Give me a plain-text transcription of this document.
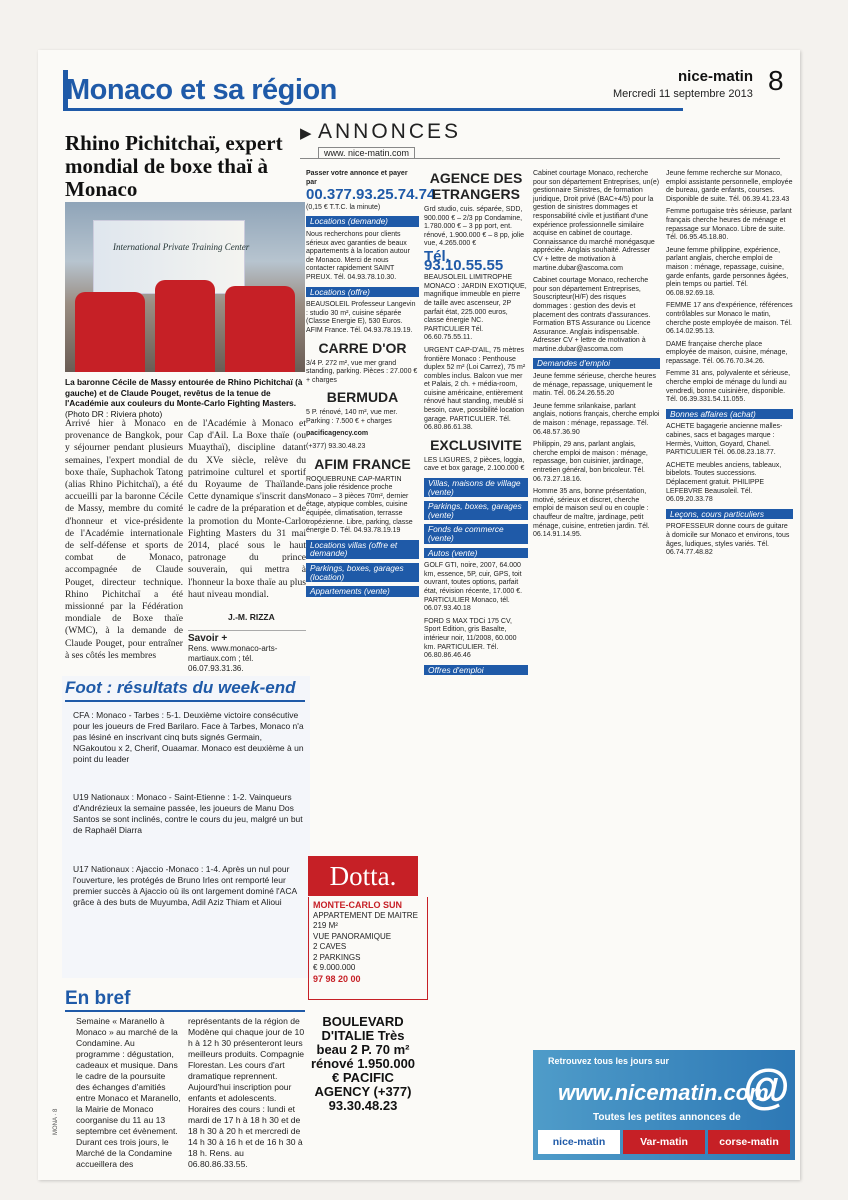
Monaco et sa région	nice-matin
Mercredi 11 septembre 2013 8
Rhino Pichitchaï, expert mondial de boxe thaï à Monaco
International Private Training Center
La baronne Cécile de Massy entourée de Rhino Pichitchaï (à gauche) et de Claude Pouget, revêtus de la tenue de l'Académie aux couleurs du Monte-Carlo Fighting Masters. (Photo DR : Riviera photo)
Arrivé hier à Monaco en provenance de Bangkok, pour y séjourner pendant plusieurs semaines, l'expert mondial de boxe thaïe, Suphachok Tatong (alias Rhino Pichitchaï), a été accueilli par la baronne Cécile de Massy, membre du comité d'honneur et vice-présidente de l'Académie internationale de self-défense et sports de combat de Monaco, accompagnée de Claude Pouget, directeur technique. Rhino Pichitchaï a été missionné par la Fédération mondiale de Boxe thaïe (WMC), à la demande de Claude Pouget, pour entraîner à ses côtés les membres
de l'Académie à Monaco et Cap d'Ail. La Boxe thaïe (ou Muaythaï), discipline datant du XVe siècle, relève du patrimoine culturel et sportif du Royaume de Thaïlande. Cette dynamique s'inscrit dans le cadre de la préparation et de la promotion du Monte-Carlo Fighting Masters du 31 mai 2014, placé sous le haut patronage du prince souverain, qui mettra à l'honneur la boxe thaïe au plus haut niveau mondial.
J.-M. RIZZA
Savoir +
Rens. www.monaco-arts-martiaux.com ; tél. 06.07.93.31.36.
Foot : résultats du week-end
CFA : Monaco - Tarbes : 5-1. Deuxième victoire consécutive pour les joueurs de Fred Barilaro. Face à Tarbes, Monaco n'a pas lésiné en inscrivant cinq buts signés Germain, NGakoutou x 2, Cherif, Ouaamar. Monaco est deuxième à un point du leader
U19 Nationaux : Monaco - Saint-Etienne : 1-2. Vainqueurs d'Andrézieux la semaine passée, les joueurs de Manu Dos Santos se sont inclinés, contre le cours du jeu, malgré un but de Raphaël Diarra
U17 Nationaux : Ajaccio -Monaco : 1-4. Après un nul pour l'ouverture, les protégés de Bruno Irles ont remporté leur premier succès à Ajaccio où ils ont largement dominé l'ACA grâce à des buts de Muyumba, Adil Aziz Thiam et Alioui
En bref
Semaine « Maranello à Monaco » au marché de la Condamine. Au programme : dégustation, cadeaux et musique. Dans le cadre de la poursuite des échanges d'amitiés entre Monaco et Maranello, la Mairie de Monaco coorganise du 11 au 13 septembre cet évènement. Durant ces trois jours, le Marché de la Condamine accueillera des
représentants de la région de Modène qui chaque jour de 10 h à 12 h 30 présenteront leurs meilleurs produits. Compagnie Florestan. Les cours d'art dramatique reprennent. Aujourd'hui inscription pour enfants et adolescents. Horaires des cours : lundi et mardi de 17 h à 18 h 30 et de 18 h 30 à 20 h et mercredi de 14 h 30 à 16 h et de 16 h 30 à 18 h. Rens. au 06.80.86.33.55.
MONA · 8
▶ ANNONCES
www. nice-matin.com

Passer votre annonce et payer par

00.377.93.25.74.74

(0,15 € T.T.C. la minute)

Locations (demande)

Nous recherchons pour clients sérieux avec garanties de beaux appartements à la location autour de Monaco. Merci de nous contacter rapidement SAINT PREUX. Tél. 04.93.78.10.30.

Locations (offre)

BEAUSOLEIL Professeur Langevin : studio 30 m², cuisine séparée (Classe Energie E), 530 Euros. AFIM France. Tél. 04.93.78.19.19.

CARRE D'OR

3/4 P. 272 m², vue mer grand standing, parking. Pièces : 27.000 € + charges

BERMUDA

5 P. rénové, 140 m², vue mer. Parking : 7.500 € + charges

pacificagency.com

(+377) 93.30.48.23

AFIM FRANCE

ROQUEBRUNE CAP-MARTIN Dans jolie résidence proche Monaco – 3 pièces 70m², dernier étage, atypique combles, cuisine équipée, climatisation, terrasse tropézienne. Libre, parking, classe énergie D. Tél. 04.93.78.19.19

Locations villas (offre et demande)

Parkings, boxes, garages (location)

Appartements (vente)

Dotta.
MONTE-CARLO SUN
APPARTEMENT DE MAITRE
219 M²
VUE PANORAMIQUE
2 CAVES
2 PARKINGS
€ 9.000.000
97 98 20 00
BOULEVARD D'ITALIE Très beau 2 P. 70 m² rénové 1.950.000 € PACIFIC AGENCY (+377) 93.30.48.23

AGENCE DES ETRANGERS

Grd studio, cuis. séparée, SDD, 900.000 € – 2/3 pp Condamine, 1.780.000 € – 3 pp port, ent. rénové, 1.900.000 € – 8 pp, jolie vue, 4.265.000 €

Tél. 93.10.55.55

BEAUSOLEIL LIMITROPHE MONACO : JARDIN EXOTIQUE, magnifique immeuble en pierre de taille avec ascenseur, 2P parfait état, 225.000 euros, classe énergie NC. PARTICULIER Tél. 06.60.75.55.11.

URGENT CAP-D'AIL, 75 mètres frontière Monaco : Penthouse duplex 52 m² (Loi Carrez), 75 m² combles inclus. Balcon vue mer et Palais, 2 ch. + média-room, cuisine américaine, entièrement rénové haut standing, meublé si besoin, cave, possibilité location garage. PARTICULIER. Tél. 06.80.86.61.38.

EXCLUSIVITE

LES LIGURES, 2 pièces, loggia, cave et box garage, 2.100.000 €

Villas, maisons de village (vente)

Parkings, boxes, garages (vente)

Fonds de commerce (vente)

Autos (vente)

GOLF GTI, noire, 2007, 64.000 km, essence, 5P, cuir, GPS, toit ouvrant, toutes options, parfait état, révision récente, 17.000 €. PARTICULIER Monaco, tél. 06.07.93.40.18

FORD S MAX TDCi 175 CV, Sport Edition, gris Basalte, intérieur noir, 11/2008, 60.000 km. PARTICULIER. Tél. 06.80.86.46.46

Offres d'emploi

Cabinet courtage Monaco, recherche pour son département Entreprises, un(e) gestionnaire Sinistres, de formation juridique, Droit privé (BAC+4/5) pour la gestion de sinistres dommages et responsabilité civile et justifiant d'une expérience professionnelle similaire acquise en cabinet de courtage. Connaissance du marché monégasque appréciée. Anglais souhaité. Adresser CV + lettre de motivation à martine.dubar@ascoma.com

Cabinet courtage Monaco, recherche pour son département Entreprises, Souscripteur(H/F) des risques dommages : gestion des devis et placement des contrats d'assurances. Formation BTS Assurance ou Licence Assurance. Anglais indispensable. Adresser CV + lettre de motivation à martine.dubar@ascoma.com

Demandes d'emploi

Jeune femme sérieuse, cherche heures de ménage, repassage, uniquement le matin. Tél. 06.24.26.55.20

Jeune femme srilankaise, parlant anglais, notions français, cherche emploi de maison : ménage, repassage. Tél. 06.48.57.36.90

Philippin, 29 ans, parlant anglais, cherche emploi de maison : ménage, repassage, bon cuisinier, jardinage, entretien général, bon bricoleur. Tél. 06.73.27.18.16.

Homme 35 ans, bonne présentation, motivé, sérieux et discret, cherche emploi de maison seul ou en couple : chauffeur de maître, jardinage, petit ménage, cuisine, entretien jardin. Tél. 06.14.91.14.95.

Jeune femme recherche sur Monaco, emploi assistante personnelle, employée de bureau, garde enfants, courses. Disponible de suite. Tél. 06.39.41.23.43

Femme portugaise très sérieuse, parlant français cherche heures de ménage et repassage sur Monaco. Libre de suite. Tél. 06.95.45.18.80.

Jeune femme philippine, expérience, parlant anglais, cherche emploi de maison : ménage, repassage, cuisine, garde enfants, garde personnes âgées, plein temps ou partiel. Tél. 06.08.92.69.18.

FEMME 17 ans d'expérience, références contrôlables sur Monaco le matin, cherche poste employée de maison. Tél. 06.14.02.95.13.

DAME française cherche place employée de maison, cuisine, ménage, repassage. Tél. 06.76.70.34.26.

Femme 31 ans, polyvalente et sérieuse, cherche emploi de ménage du lundi au vendredi, bonne cuisinière, disponible. Tél. 06.39.331.54.11.055.

Bonnes affaires (achat)

ACHETE bagagerie ancienne malles-cabines, sacs et bagages marque : Hermès, Vuitton, Goyard, Chanel. PARTICULIER Tél. 06.08.23.18.77.

ACHETE meubles anciens, tableaux, bibelots. Toutes successions. Déplacement gratuit. PHILIPPE LEFEBVRE Beausoleil. Tél. 06.09.20.33.78

Leçons, cours particuliers

PROFESSEUR donne cours de guitare à domicile sur Monaco et environs, tous âges, ludiques, styles variés. Tél. 06.74.77.48.82

Retrouvez tous les jours sur
www.nicematin.com
@
Toutes les petites annonces de
nice-matin	Var-matin	corse-matin
